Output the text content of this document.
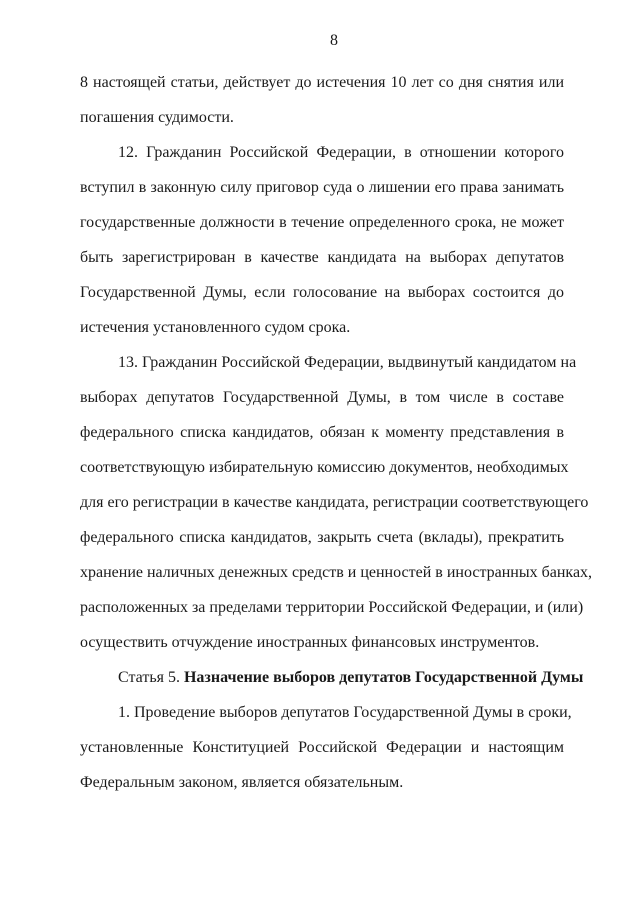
8
8 настоящей статьи, действует до истечения 10 лет со дня снятия или
погашения судимости.
12. Гражданин Российской Федерации, в отношении которого
вступил в законную силу приговор суда о лишении его права занимать
государственные должности в течение определенного срока, не может
быть зарегистрирован в качестве кандидата на выборах депутатов
Государственной Думы, если голосование на выборах состоится до
истечения установленного судом срока.
13. Гражданин Российской Федерации, выдвинутый кандидатом на
выборах депутатов Государственной Думы, в том числе в составе
федерального списка кандидатов, обязан к моменту представления в
соответствующую избирательную комиссию документов, необходимых
для его регистрации в качестве кандидата, регистрации соответствующего
федерального списка кандидатов, закрыть счета (вклады), прекратить
хранение наличных денежных средств и ценностей в иностранных банках,
расположенных за пределами территории Российской Федерации, и (или)
осуществить отчуждение иностранных финансовых инструментов.
Статья 5. Назначение выборов депутатов Государственной Думы
1. Проведение выборов депутатов Государственной Думы в сроки,
установленные Конституцией Российской Федерации и настоящим
Федеральным законом, является обязательным.
